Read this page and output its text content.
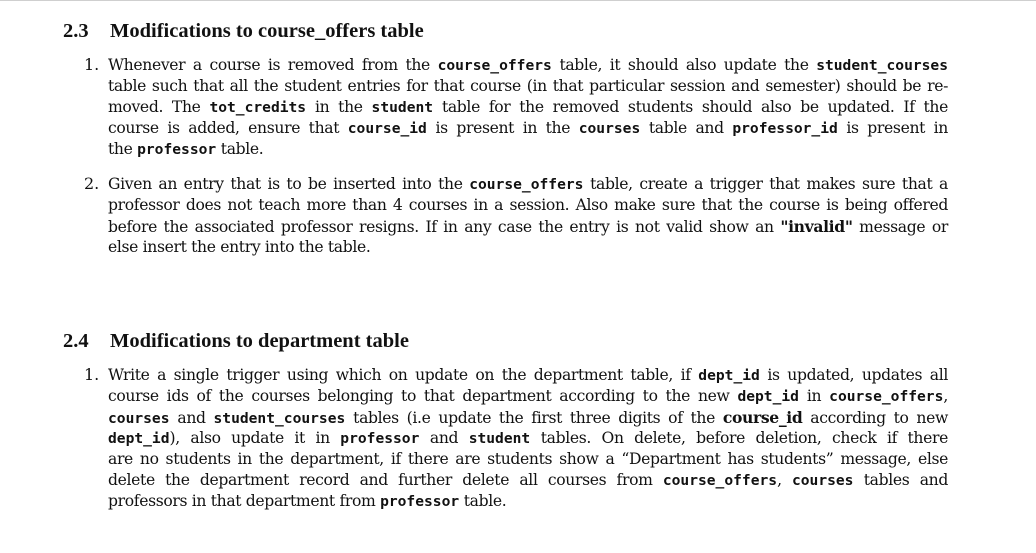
2.3 Modifications to course_offers table
1. Whenever a course is removed from the course_offers table, it should also update the student_courses
table such that all the student entries for that course (in that particular session and semester) should be re-
moved. The tot_credits in the student table for the removed students should also be updated. If the
course is added, ensure that course_id is present in the courses table and professor_id is present in
the professor table.
2. Given an entry that is to be inserted into the course_offers table, create a trigger that makes sure that a
professor does not teach more than 4 courses in a session. Also make sure that the course is being offered
before the associated professor resigns. If in any case the entry is not valid show an "invalid" message or
else insert the entry into the table.
2.4 Modifications to department table
1. Write a single trigger using which on update on the department table, if dept_id is updated, updates all
course ids of the courses belonging to that department according to the new dept_id in course_offers,
courses and student_courses tables (i.e update the first three digits of the course_id according to new
dept_id), also update it in professor and student tables. On delete, before deletion, check if there
are no students in the department, if there are students show a “Department has students” message, else
delete the department record and further delete all courses from course_offers, courses tables and
professors in that department from professor table.
